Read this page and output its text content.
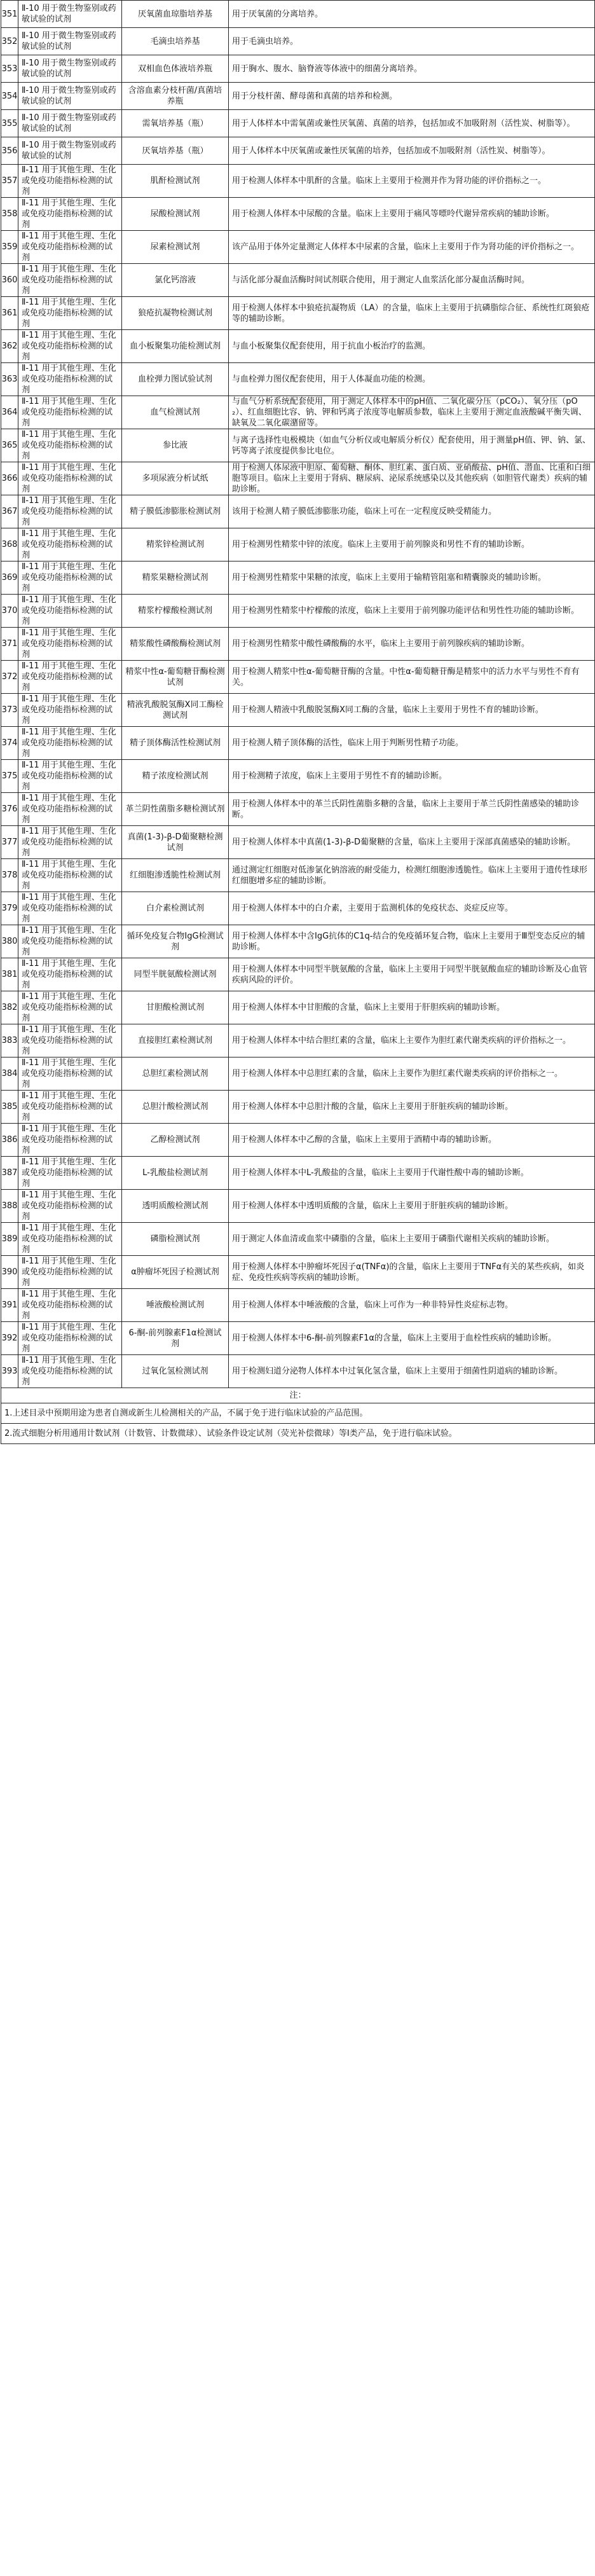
351	Ⅱ-10 用于微生物鉴别或药敏试验的试剂	厌氧菌血琼脂培养基	用于厌氧菌的分离培养。
352	Ⅱ-10 用于微生物鉴别或药敏试验的试剂	毛滴虫培养基	用于毛滴虫培养。
353	Ⅱ-10 用于微生物鉴别或药敏试验的试剂	双相血色体液培养瓶	用于胸水、腹水、脑脊液等体液中的细菌分离培养。
354	Ⅱ-10 用于微生物鉴别或药敏试验的试剂	含溶血素分枝杆菌/真菌培养瓶	用于分枝杆菌、酵母菌和真菌的培养和检测。
355	Ⅱ-10 用于微生物鉴别或药敏试验的试剂	需氧培养基（瓶）	用于人体样本中需氧菌或兼性厌氧菌、真菌的培养，包括加或不加吸附剂（活性炭、树脂等）。
356	Ⅱ-10 用于微生物鉴别或药敏试验的试剂	厌氧培养基（瓶）	用于人体样本中厌氧菌或兼性厌氧菌的培养，包括加或不加吸附剂（活性炭、树脂等）。
357	Ⅱ-11 用于其他生理、生化或免疫功能指标检测的试剂	肌酐检测试剂	用于检测人体样本中肌酐的含量。临床上主要用于检测并作为肾功能的评价指标之一。
358	Ⅱ-11 用于其他生理、生化或免疫功能指标检测的试剂	尿酸检测试剂	用于检测人体样本中尿酸的含量。临床上主要用于痛风等嘌呤代谢异常疾病的辅助诊断。
359	Ⅱ-11 用于其他生理、生化或免疫功能指标检测的试剂	尿素检测试剂	该产品用于体外定量测定人体样本中尿素的含量，临床上主要用于作为肾功能的评价指标之一。
360	Ⅱ-11 用于其他生理、生化或免疫功能指标检测的试剂	氯化钙溶液	与活化部分凝血活酶时间试剂联合使用，用于测定人血浆活化部分凝血活酶时间。
361	Ⅱ-11 用于其他生理、生化或免疫功能指标检测的试剂	狼疮抗凝物检测试剂	用于检测人体样本中狼疮抗凝物质（LA）的含量，临床上主要用于抗磷脂综合征、系统性红斑狼疮等的辅助诊断。
362	Ⅱ-11 用于其他生理、生化或免疫功能指标检测的试剂	血小板聚集功能检测试剂	与血小板聚集仪配套使用，用于抗血小板治疗的监测。
363	Ⅱ-11 用于其他生理、生化或免疫功能指标检测的试剂	血栓弹力图试验试剂	与血栓弹力图仪配套使用，用于人体凝血功能的检测。
364	Ⅱ-11 用于其他生理、生化或免疫功能指标检测的试剂	血气检测试剂	与血气分析系统配套使用，用于测定人体样本中的pH值、二氧化碳分压（pCO₂）、氧分压（pO₂）、红血细胞比容、钠、钾和钙离子浓度等电解质参数，临床上主要用于测定血液酸碱平衡失调、缺氧及二氧化碳潴留等。
365	Ⅱ-11 用于其他生理、生化或免疫功能指标检测的试剂	参比液	与离子选择性电极模块（如血气分析仪或电解质分析仪）配套使用，用于测量pH值、钾、钠、氯、钙等离子浓度提供参比电位。
366	Ⅱ-11 用于其他生理、生化或免疫功能指标检测的试剂	多项尿液分析试纸	用于检测人体尿液中胆原、葡萄糖、酮体、胆红素、蛋白质、亚硝酸盐、pH值、潜血、比重和白细胞等项目。临床上主要用于肾病、糖尿病、泌尿系统感染以及其他疾病（如胆管代谢类）疾病的辅助诊断。
367	Ⅱ-11 用于其他生理、生化或免疫功能指标检测的试剂	精子膜低渗膨胀检测试剂	该用于检测人精子膜低渗膨胀功能，临床上可在一定程度反映受精能力。
368	Ⅱ-11 用于其他生理、生化或免疫功能指标检测的试剂	精浆锌检测试剂	用于检测男性精浆中锌的浓度。临床上主要用于前列腺炎和男性不育的辅助诊断。
369	Ⅱ-11 用于其他生理、生化或免疫功能指标检测的试剂	精浆果糖检测试剂	用于检测男性精浆中果糖的浓度，临床上主要用于输精管阻塞和精囊腺炎的辅助诊断。
370	Ⅱ-11 用于其他生理、生化或免疫功能指标检测的试剂	精浆柠檬酸检测试剂	用于检测男性精浆中柠檬酸的浓度，临床上主要用于前列腺功能评估和男性性功能的辅助诊断。
371	Ⅱ-11 用于其他生理、生化或免疫功能指标检测的试剂	精浆酸性磷酸酶检测试剂	用于检测男性精浆中酸性磷酸酶的水平，临床上主要用于前列腺疾病的辅助诊断。
372	Ⅱ-11 用于其他生理、生化或免疫功能指标检测的试剂	精浆中性α-葡萄糖苷酶检测试剂	用于检测人精浆中性α-葡萄糖苷酶的含量。中性α-葡萄糖苷酶是精浆中的活力水平与男性不育有关。
373	Ⅱ-11 用于其他生理、生化或免疫功能指标检测的试剂	精液乳酸脱氢酶X同工酶检测试剂	用于检测人精液中乳酸脱氢酶X同工酶的含量，临床上主要用于男性不育的辅助诊断。
374	Ⅱ-11 用于其他生理、生化或免疫功能指标检测的试剂	精子顶体酶活性检测试剂	用于检测人精子顶体酶的活性，临床上用于判断男性精子功能。
375	Ⅱ-11 用于其他生理、生化或免疫功能指标检测的试剂	精子浓度检测试剂	用于检测精子浓度，临床上主要用于男性不育的辅助诊断。
376	Ⅱ-11 用于其他生理、生化或免疫功能指标检测的试剂	革兰阴性菌脂多糖检测试剂	用于检测人体样本中的革兰氏阴性菌脂多糖的含量，临床上主要用于革兰氏阴性菌感染的辅助诊断。
377	Ⅱ-11 用于其他生理、生化或免疫功能指标检测的试剂	真菌(1-3)-β-D葡聚糖检测试剂	用于检测人体样本中真菌(1-3)-β-D葡聚糖的含量，临床上主要用于深部真菌感染的辅助诊断。
378	Ⅱ-11 用于其他生理、生化或免疫功能指标检测的试剂	红细胞渗透脆性检测试剂	通过测定红细胞对低渗氯化钠溶液的耐受能力，检测红细胞渗透脆性。临床上主要用于遗传性球形红细胞增多症的辅助诊断。
379	Ⅱ-11 用于其他生理、生化或免疫功能指标检测的试剂	白介素检测试剂	用于检测人体样本中的白介素，主要用于监测机体的免疫状态、炎症反应等。
380	Ⅱ-11 用于其他生理、生化或免疫功能指标检测的试剂	循环免疫复合物IgG检测试剂	用于检测人体样本中含IgG抗体的C1q-结合的免疫循环复合物，临床上主要用于Ⅲ型变态反应的辅助诊断。
381	Ⅱ-11 用于其他生理、生化或免疫功能指标检测的试剂	同型半胱氨酸检测试剂	用于检测人体样本中同型半胱氨酸的含量，临床上主要用于同型半胱氨酸血症的辅助诊断及心血管疾病风险的评价。
382	Ⅱ-11 用于其他生理、生化或免疫功能指标检测的试剂	甘胆酸检测试剂	用于检测人体样本中甘胆酸的含量，临床上主要用于肝胆疾病的辅助诊断。
383	Ⅱ-11 用于其他生理、生化或免疫功能指标检测的试剂	直接胆红素检测试剂	用于检测人体样本中结合胆红素的含量，临床上主要作为胆红素代谢类疾病的评价指标之一。
384	Ⅱ-11 用于其他生理、生化或免疫功能指标检测的试剂	总胆红素检测试剂	用于检测人体样本中总胆红素的含量，临床上主要作为胆红素代谢类疾病的评价指标之一。
385	Ⅱ-11 用于其他生理、生化或免疫功能指标检测的试剂	总胆汁酸检测试剂	用于检测人体样本中总胆汁酸的含量，临床上主要用于肝脏疾病的辅助诊断。
386	Ⅱ-11 用于其他生理、生化或免疫功能指标检测的试剂	乙醇检测试剂	用于检测人体样本中乙醇的含量，临床上主要用于酒精中毒的辅助诊断。
387	Ⅱ-11 用于其他生理、生化或免疫功能指标检测的试剂	L-乳酸盐检测试剂	用于检测人体样本中L-乳酸盐的含量，临床上主要用于代谢性酸中毒的辅助诊断。
388	Ⅱ-11 用于其他生理、生化或免疫功能指标检测的试剂	透明质酸检测试剂	用于检测人体样本中透明质酸的含量，临床上主要用于肝脏疾病的辅助诊断。
389	Ⅱ-11 用于其他生理、生化或免疫功能指标检测的试剂	磷脂检测试剂	用于测定人体血清或血浆中磷脂的含量，临床上主要用于磷脂代谢相关疾病的辅助诊断。
390	Ⅱ-11 用于其他生理、生化或免疫功能指标检测的试剂	α肿瘤坏死因子检测试剂	用于检测人体样本中肿瘤坏死因子α(TNFα)的含量，临床上主要用于TNFα有关的某些疾病，如炎症、免疫性疾病等疾病的辅助诊断。
391	Ⅱ-11 用于其他生理、生化或免疫功能指标检测的试剂	唾液酸检测试剂	用于检测人体样本中唾液酸的含量，临床上可作为一种非特异性炎症标志物。
392	Ⅱ-11 用于其他生理、生化或免疫功能指标检测的试剂	6-酮-前列腺素F1α检测试剂	用于检测人体样本中6-酮-前列腺素F1α的含量，临床上主要用于血栓性疾病的辅助诊断。
393	Ⅱ-11 用于其他生理、生化或免疫功能指标检测的试剂	过氧化氢检测试剂	用于检测妇道分泌物人体样本中过氧化氢含量，临床上主要用于细菌性阴道病的辅助诊断。
注：			
1.上述目录中预期用途为患者自测或新生儿检测相关的产品，不属于免于进行临床试验的产品范围。			
2.流式细胞分析用通用计数试剂（计数管、计数微球）、试验条件设定试剂（荧光补偿微球）等Ⅰ类产品，免于进行临床试验。			
